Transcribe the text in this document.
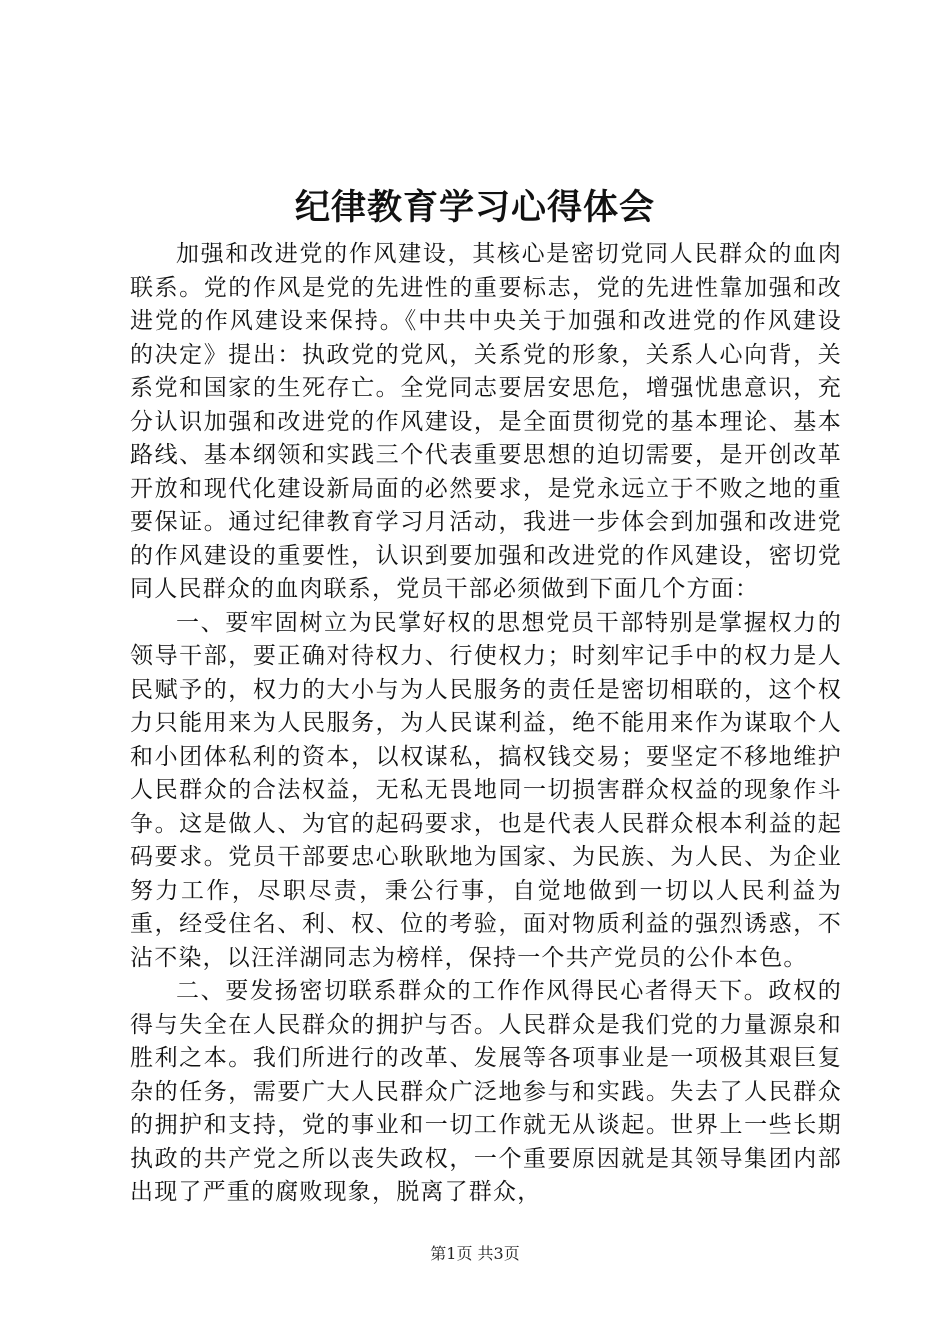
纪律教育学习心得体会

加强和改进党的作风建设，其核心是密切党同人民群众的血肉联系。党的作风是党的先进性的重要标志，党的先进性靠加强和改进党的作风建设来保持。《中共中央关于加强和改进党的作风建设的决定》提出：执政党的党风，关系党的形象，关系人心向背，关系党和国家的生死存亡。全党同志要居安思危，增强忧患意识，充分认识加强和改进党的作风建设，是全面贯彻党的基本理论、基本路线、基本纲领和实践三个代表重要思想的迫切需要，是开创改革开放和现代化建设新局面的必然要求，是党永远立于不败之地的重要保证。通过纪律教育学习月活动，我进一步体会到加强和改进党的作风建设的重要性，认识到要加强和改进党的作风建设，密切党同人民群众的血肉联系，党员干部必须做到下面几个方面：

一、要牢固树立为民掌好权的思想党员干部特别是掌握权力的领导干部，要正确对待权力、行使权力；时刻牢记手中的权力是人民赋予的，权力的大小与为人民服务的责任是密切相联的，这个权力只能用来为人民服务，为人民谋利益，绝不能用来作为谋取个人和小团体私利的资本，以权谋私，搞权钱交易；要坚定不移地维护人民群众的合法权益，无私无畏地同一切损害群众权益的现象作斗争。这是做人、为官的起码要求，也是代表人民群众根本利益的起码要求。党员干部要忠心耿耿地为国家、为民族、为人民、为企业努力工作，尽职尽责，秉公行事，自觉地做到一切以人民利益为重，经受住名、利、权、位的考验，面对物质利益的强烈诱惑，不沾不染，以汪洋湖同志为榜样，保持一个共产党员的公仆本色。

二、要发扬密切联系群众的工作作风得民心者得天下。政权的得与失全在人民群众的拥护与否。人民群众是我们党的力量源泉和胜利之本。我们所进行的改革、发展等各项事业是一项极其艰巨复杂的任务，需要广大人民群众广泛地参与和实践。失去了人民群众的拥护和支持，党的事业和一切工作就无从谈起。世界上一些长期执政的共产党之所以丧失政权，一个重要原因就是其领导集团内部出现了严重的腐败现象，脱离了群众，

第1页 共3页
